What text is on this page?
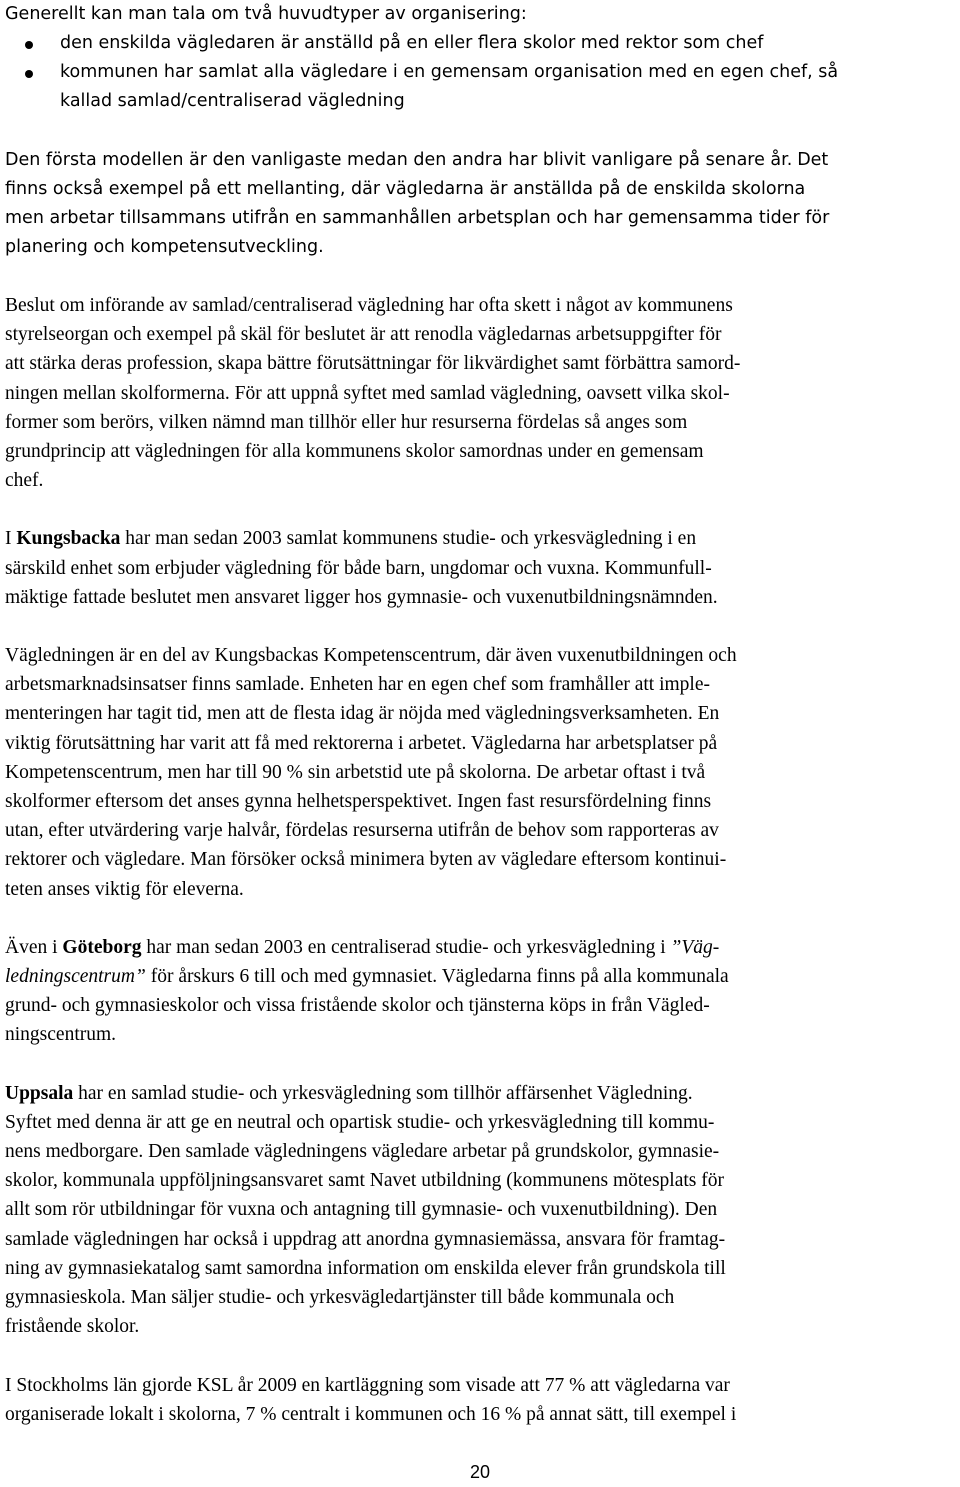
Generellt kan man tala om två huvudtyper av organisering:

den enskilda vägledaren är anställd på en eller flera skolor med rektor som chef

kommunen har samlat alla vägledare i en gemensam organisation med en egen chef, så

kallad samlad/centraliserad vägledning

Den första modellen är den vanligaste medan den andra har blivit vanligare på senare år. Det

finns också exempel på ett mellanting, där vägledarna är anställda på de enskilda skolorna

men arbetar tillsammans utifrån en sammanhållen arbetsplan och har gemensamma tider för

planering och kompetensutveckling.

Beslut om införande av samlad/centraliserad vägledning har ofta skett i något av kommunens

styrelseorgan och exempel på skäl för beslutet är att renodla vägledarnas arbetsuppgifter för

att stärka deras profession, skapa bättre förutsättningar för likvärdighet samt förbättra samord-

ningen mellan skolformerna. För att uppnå syftet med samlad vägledning, oavsett vilka skol-

former som berörs, vilken nämnd man tillhör eller hur resurserna fördelas så anges som

grundprincip att vägledningen för alla kommunens skolor samordnas under en gemensam

chef.

I Kungsbacka har man sedan 2003 samlat kommunens studie- och yrkesvägledning i en

särskild enhet som erbjuder vägledning för både barn, ungdomar och vuxna. Kommunfull-

mäktige fattade beslutet men ansvaret ligger hos gymnasie- och vuxenutbildningsnämnden.

Vägledningen är en del av Kungsbackas Kompetenscentrum, där även vuxenutbildningen och

arbetsmarknadsinsatser finns samlade. Enheten har en egen chef som framhåller att imple-

menteringen har tagit tid, men att de flesta idag är nöjda med vägledningsverksamheten. En

viktig förutsättning har varit att få med rektorerna i arbetet. Vägledarna har arbetsplatser på

Kompetenscentrum, men har till 90 % sin arbetstid ute på skolorna. De arbetar oftast i två

skolformer eftersom det anses gynna helhetsperspektivet. Ingen fast resursfördelning finns

utan, efter utvärdering varje halvår, fördelas resurserna utifrån de behov som rapporteras av

rektorer och vägledare. Man försöker också minimera byten av vägledare eftersom kontinui-

teten anses viktig för eleverna.

Även i Göteborg har man sedan 2003 en centraliserad studie- och yrkesvägledning i ”Väg-

ledningscentrum” för årskurs 6 till och med gymnasiet. Vägledarna finns på alla kommunala

grund- och gymnasieskolor och vissa fristående skolor och tjänsterna köps in från Vägled-

ningscentrum.

Uppsala har en samlad studie- och yrkesvägledning som tillhör affärsenhet Vägledning.

Syftet med denna är att ge en neutral och opartisk studie- och yrkesvägledning till kommu-

nens medborgare. Den samlade vägledningens vägledare arbetar på grundskolor, gymnasie-

skolor, kommunala uppföljningsansvaret samt Navet utbildning (kommunens mötesplats för

allt som rör utbildningar för vuxna och antagning till gymnasie- och vuxenutbildning). Den

samlade vägledningen har också i uppdrag att anordna gymnasiemässa, ansvara för framtag-

ning av gymnasiekatalog samt samordna information om enskilda elever från grundskola till

gymnasieskola. Man säljer studie- och yrkesvägledartjänster till både kommunala och

fristående skolor.

I Stockholms län gjorde KSL år 2009 en kartläggning som visade att 77 % att vägledarna var

organiserade lokalt i skolorna, 7 % centralt i kommunen och 16 % på annat sätt, till exempel i

20
